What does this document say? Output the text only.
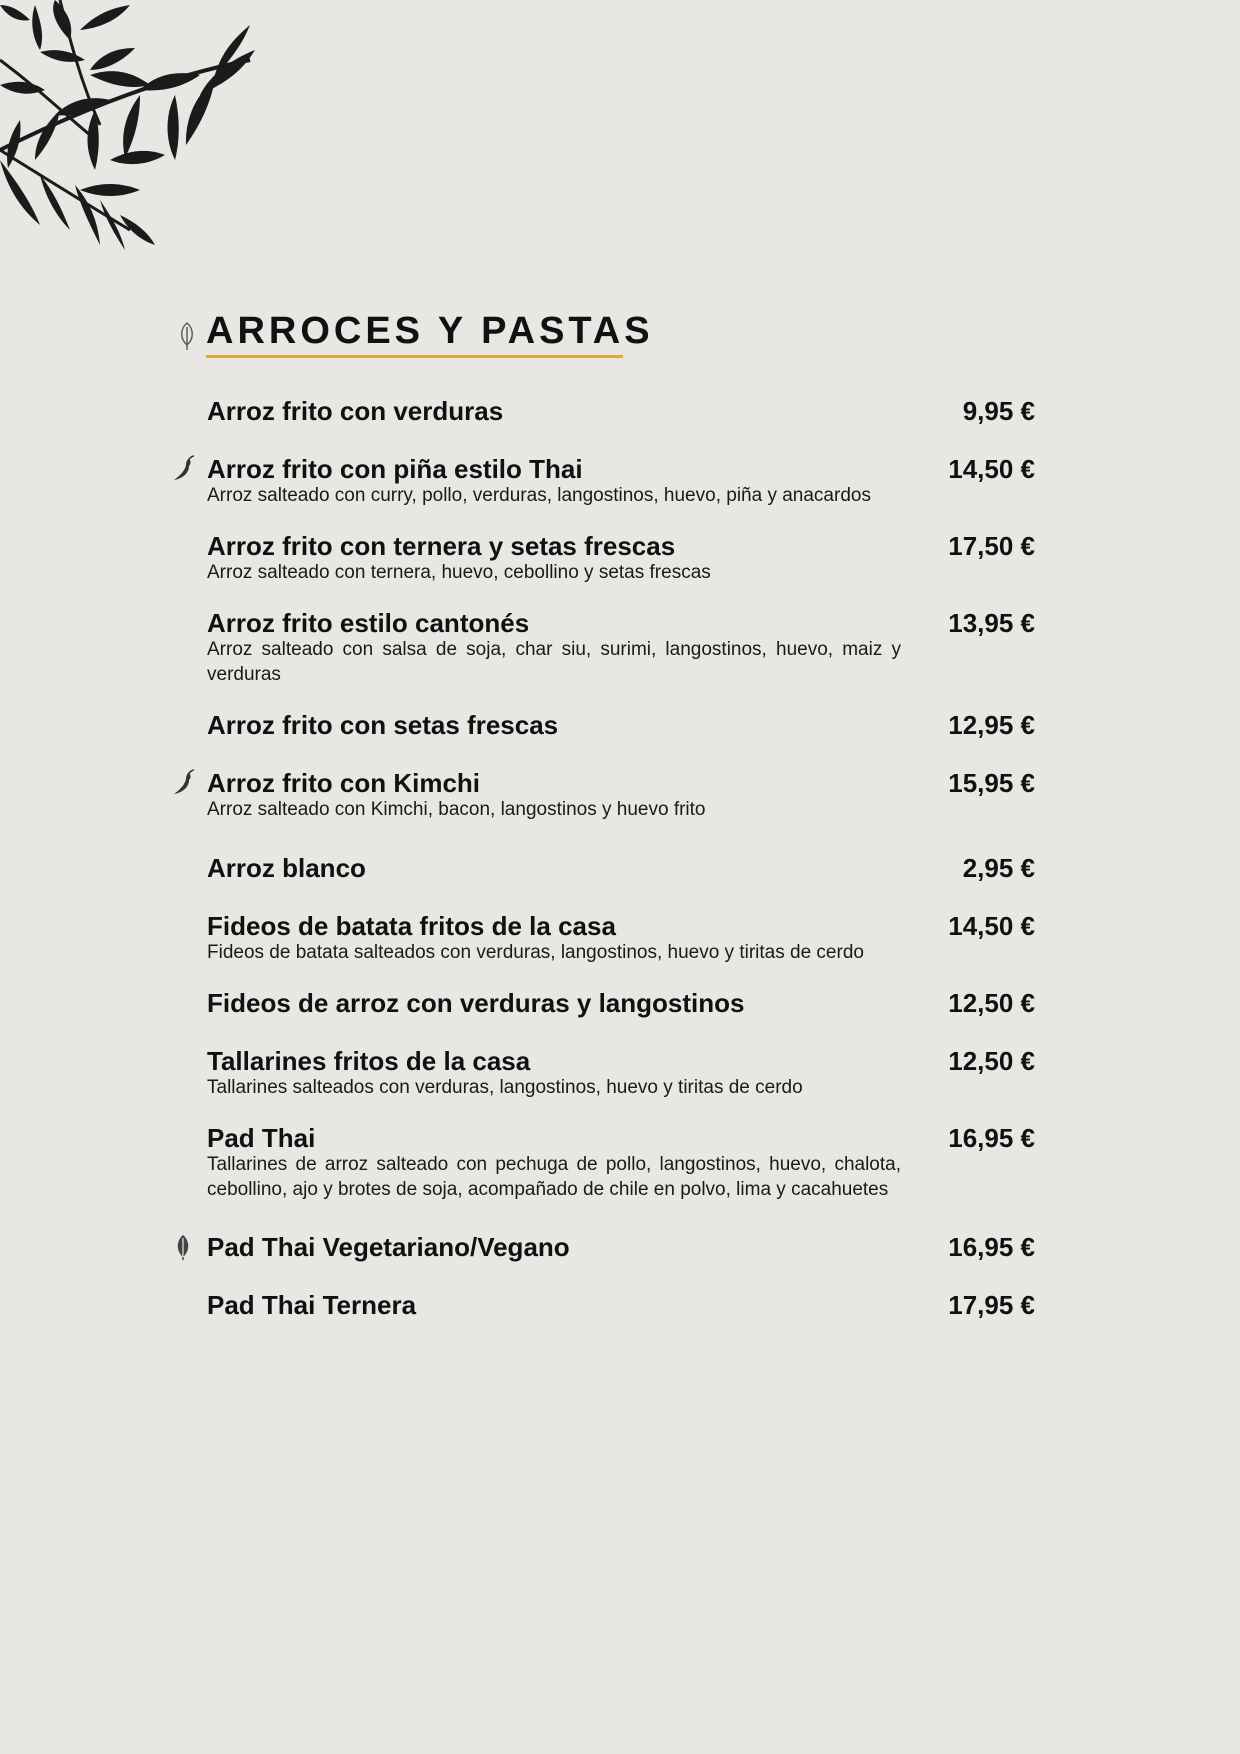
ARROCES Y PASTAS
Arroz frito con verduras	9,95 €
Arroz frito con piña estilo Thai	14,50 €
Arroz salteado con curry, pollo, verduras, langostinos, huevo, piña y anacardos
Arroz frito con ternera y setas frescas	17,50 €
Arroz salteado con ternera, huevo, cebollino y setas frescas
Arroz frito estilo cantonés	13,95 €
Arroz salteado con salsa de soja, char siu, surimi, langostinos, huevo, maiz y verduras
Arroz frito con setas frescas	12,95 €
Arroz frito con Kimchi	15,95 €
Arroz salteado con Kimchi, bacon, langostinos y huevo frito
Arroz blanco	2,95 €
Fideos de batata fritos de la casa	14,50 €
Fideos de batata salteados con verduras, langostinos, huevo y tiritas de cerdo
Fideos de arroz con verduras y langostinos	12,50 €
Tallarines fritos de la casa	12,50 €
Tallarines salteados con verduras, langostinos, huevo y tiritas de cerdo
Pad Thai	16,95 €
Tallarines de arroz salteado con pechuga de pollo, langostinos, huevo, chalota, cebollino, ajo y brotes de soja, acompañado de chile en polvo, lima y cacahuetes
Pad Thai Vegetariano/Vegano	16,95 €
Pad Thai Ternera	17,95 €
